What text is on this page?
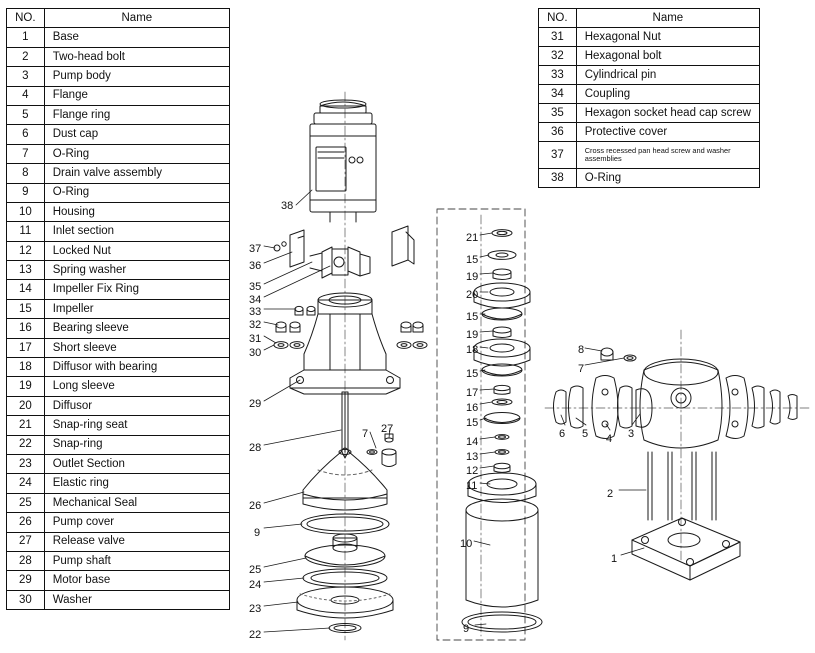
NO.	Name
1	Base
2	Two-head bolt
3	Pump body
4	Flange
5	Flange ring
6	Dust cap
7	O-Ring
8	Drain valve assembly
9	O-Ring
10	Housing
11	Inlet section
12	Locked Nut
13	Spring washer
14	Impeller Fix Ring
15	Impeller
16	Bearing sleeve
17	Short sleeve
18	Diffusor with bearing
19	Long sleeve
20	Diffusor
21	Snap-ring seat
22	Snap-ring
23	Outlet Section
24	Elastic ring
25	Mechanical Seal
26	Pump cover
27	Release valve
28	Pump shaft
29	Motor base
30	Washer
NO.	Name
31	Hexagonal Nut
32	Hexagonal bolt
33	Cylindrical pin
34	Coupling
35	Hexagon socket head cap screw
36	Protective cover
37	Cross recessed pan head screw and washer assemblies
38	O-Ring
38
37
36
35
34
33
32
31
30
29
28
26
9
25
24
23
22
7 27
21
15
19
20
15
19
18
15
17
16
15
14
13
12
11
10
9
8
7
6 5 4 3
2
1
